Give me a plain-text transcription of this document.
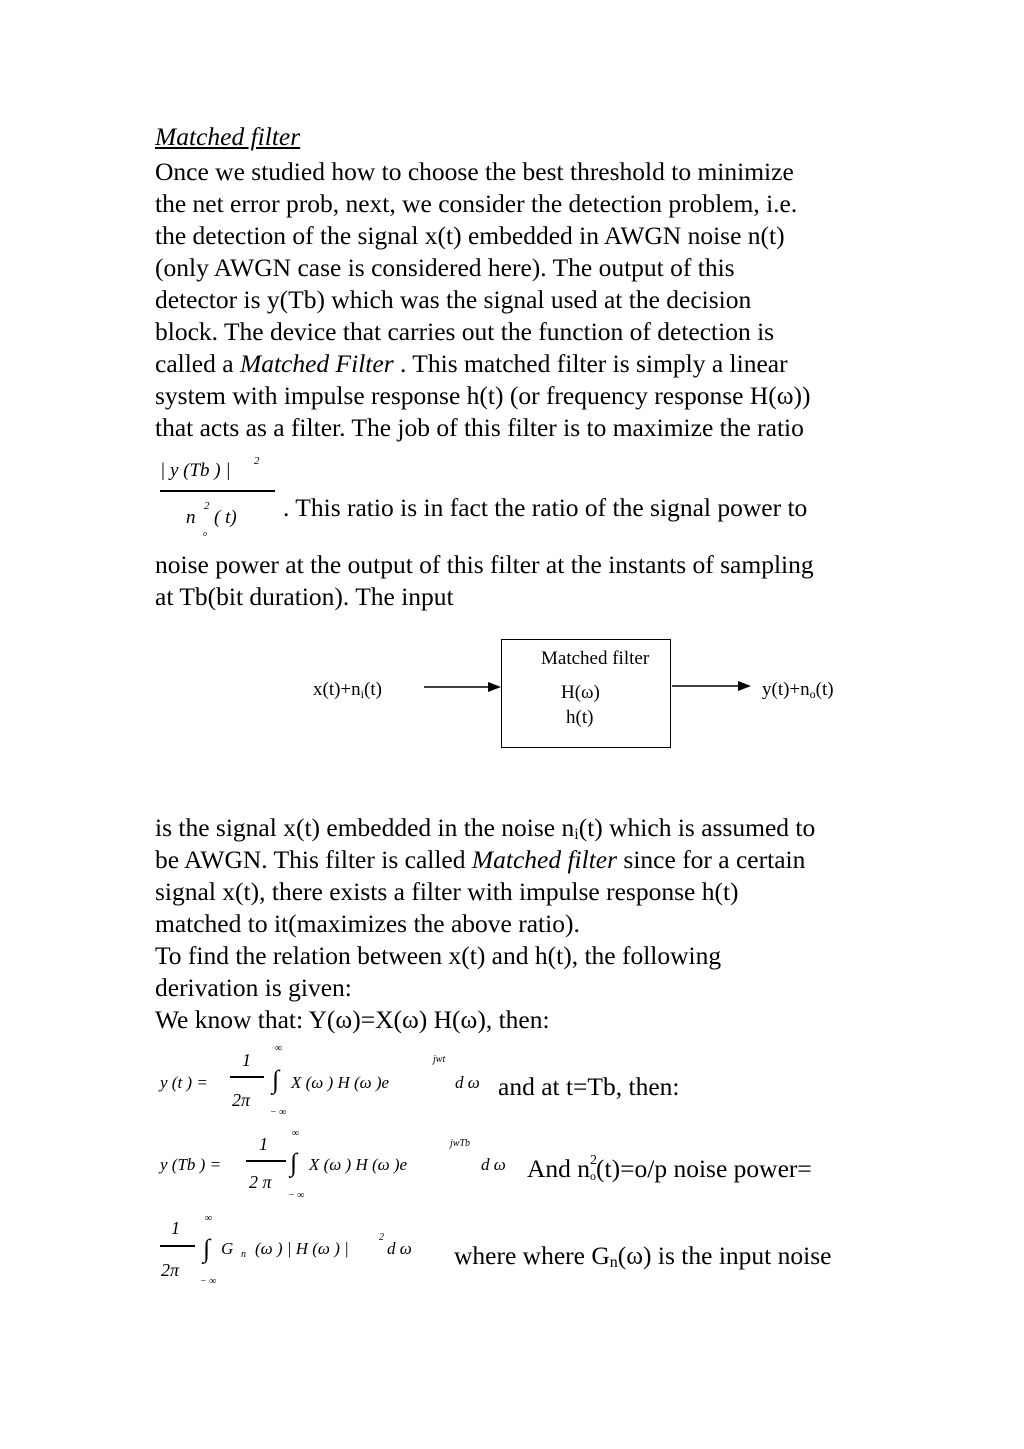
Matched filter
Once we studied how to choose the best threshold to minimize
the net error prob, next, we consider the detection problem, i.e.
the detection of the signal x(t) embedded in AWGN noise n(t)
(only AWGN case is considered here). The output of this
detector is y(Tb) which was the signal used at the decision
block. The device that carries out the function of detection is
called a Matched Filter . This matched filter is simply a linear
system with impulse response h(t) (or frequency response H(ω))
that acts as a filter. The job of this filter is to maximize the ratio
| y (Tb ) | 2
n
2
( t)
o
. This ratio is in fact the ratio of the signal power to
noise power at the output of this filter at the instants of sampling
at Tb(bit duration). The input
$x(t)+n_i(t)$
Matched filter
H(ω)
h(t)
$y(t)+n_o(t)$
is the signal x(t) embedded in the noise ni(t) which is assumed to
be AWGN. This filter is called Matched filter since for a certain
signal x(t), there exists a filter with impulse response h(t)
matched to it(maximizes the above ratio).
To find the relation between x(t) and h(t), the following
derivation is given:
We know that: Y(ω)=X(ω) H(ω), then:
y (t ) =
1
2π
∞
∫
− ∞
X (ω ) H (ω )e
jwt
d ω and at t=Tb, then:
y (Tb ) =
1
2 π
∞
∫
− ∞
X (ω ) H (ω )e
jwTb
d ω And n 2
$_o$(t)=o/p noise power=
1
2π
∞
∫
− ∞
G n (ω ) | H (ω ) |
2
d ω where where Gn(ω) is the input noise
